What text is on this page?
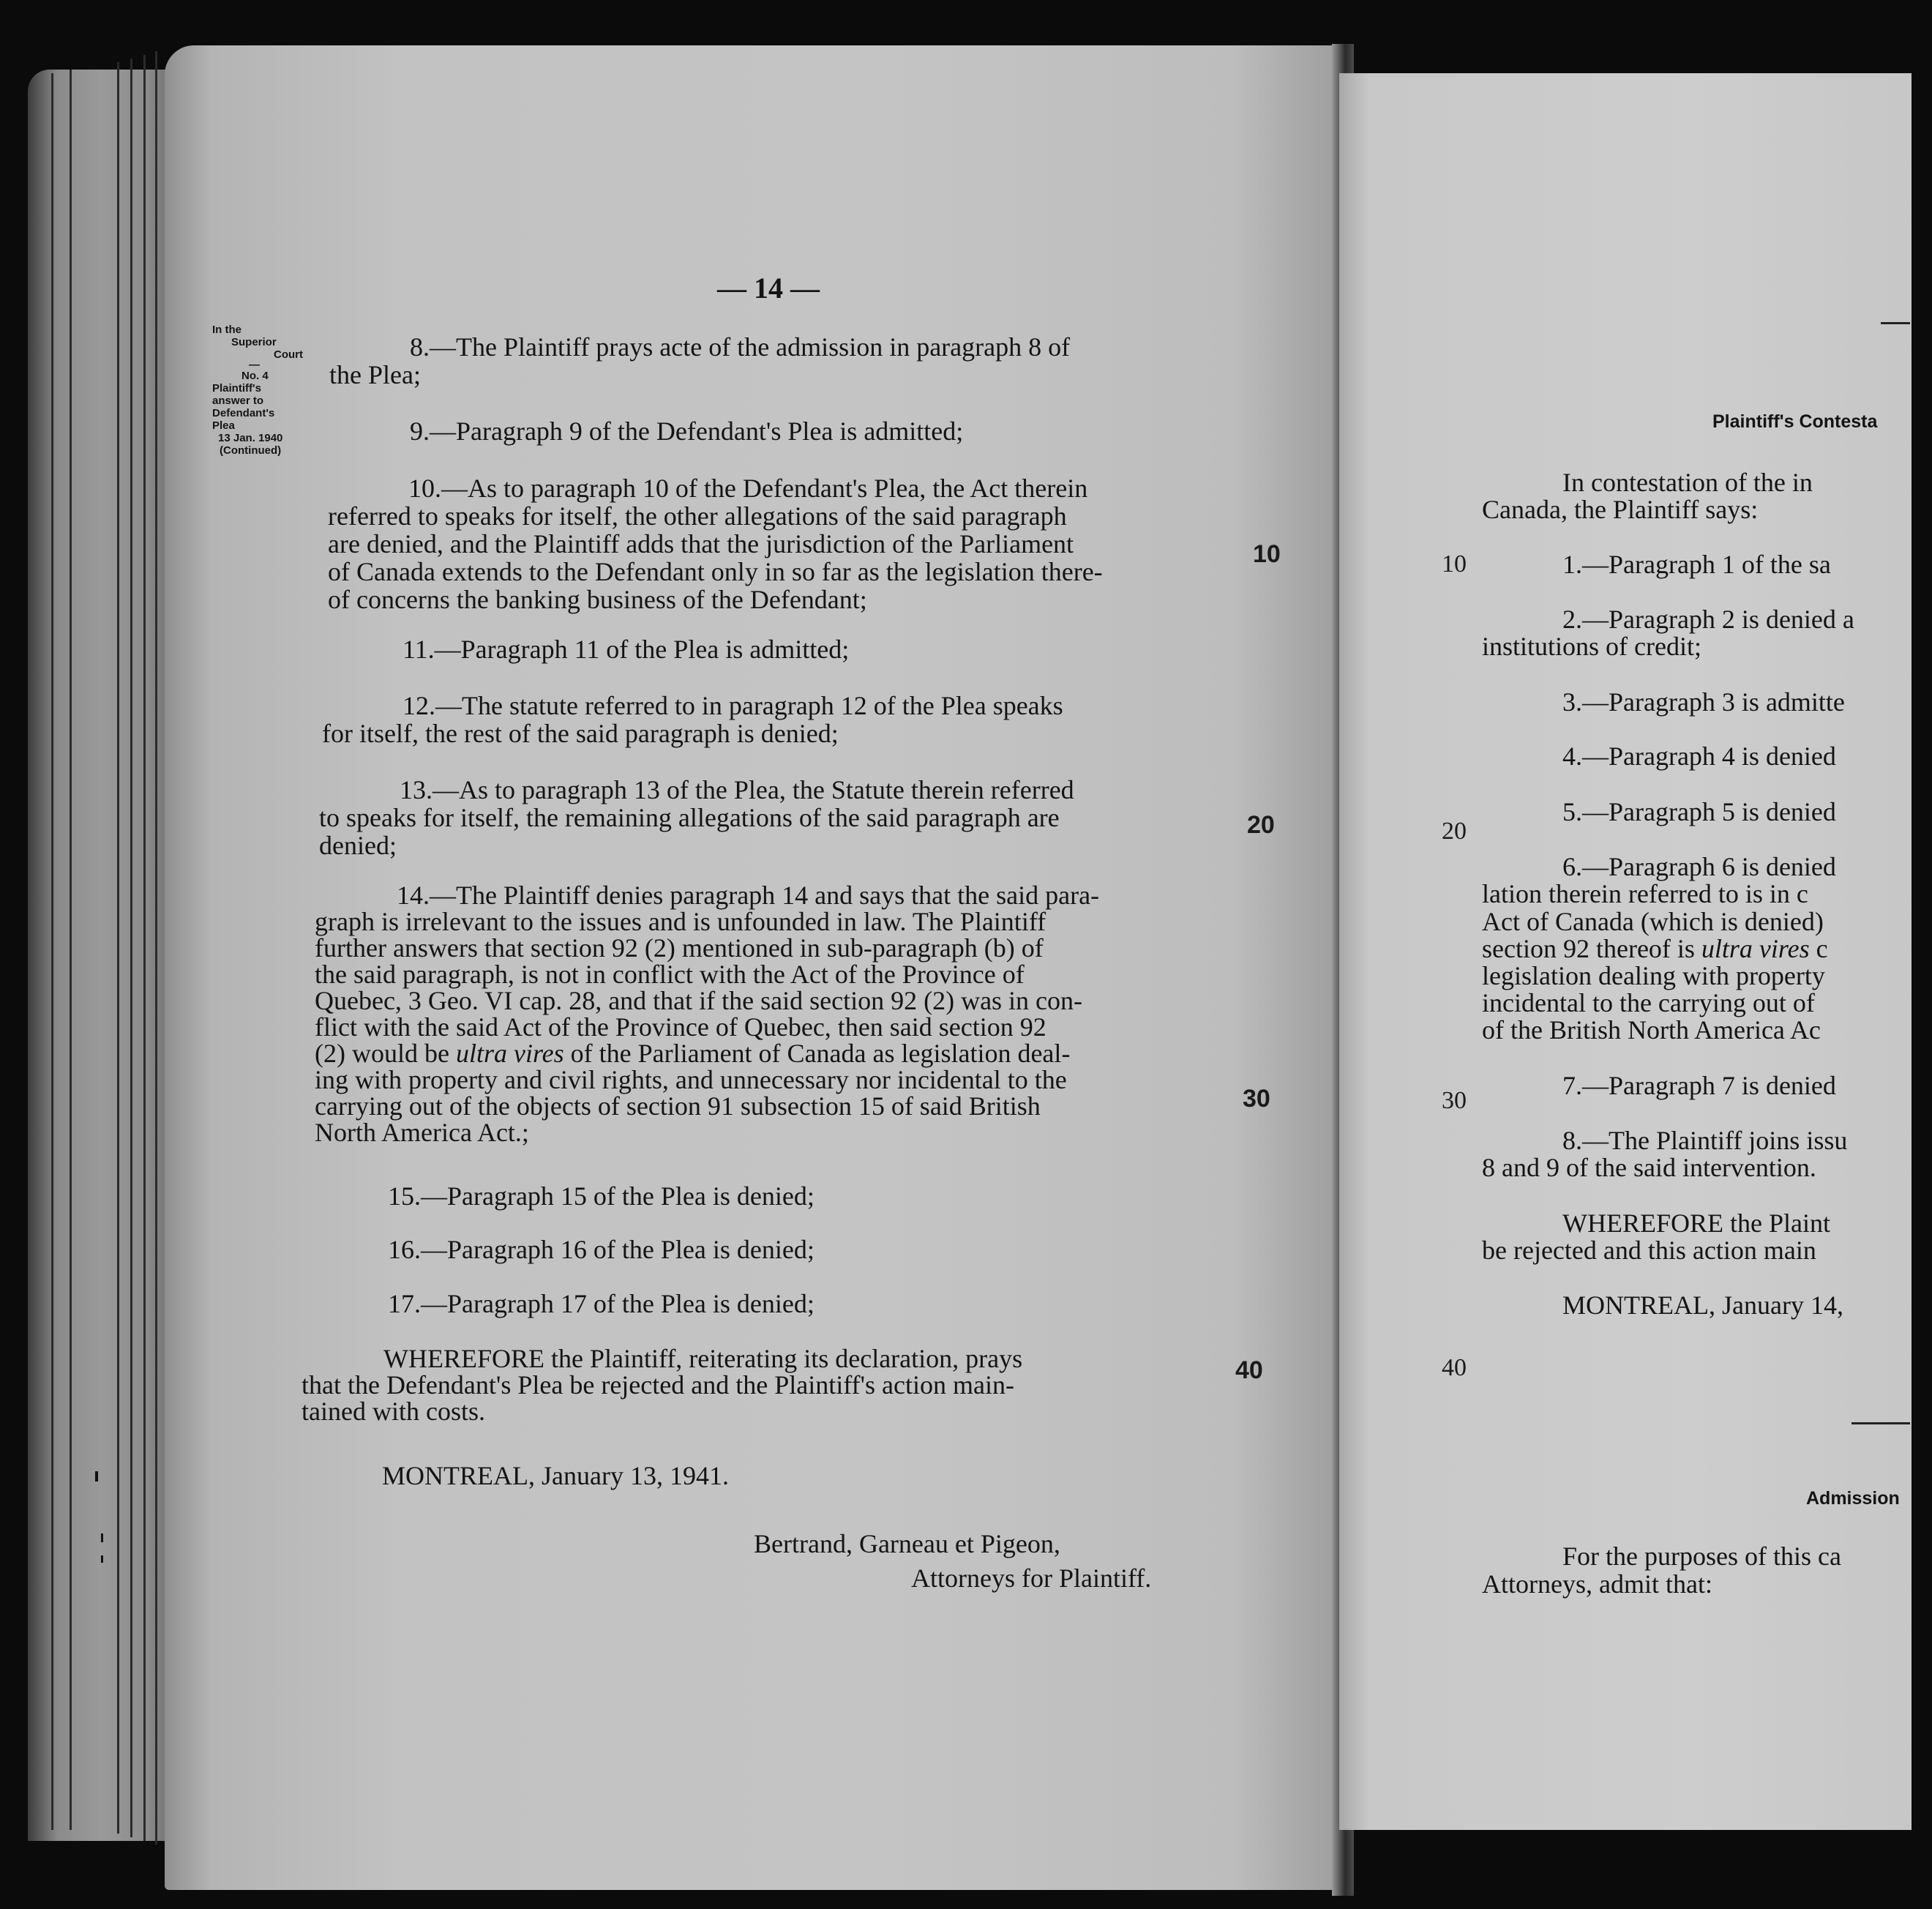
— 14 —
In the
Superior
Court
—
No. 4
Plaintiff's
answer to
Defendant's
Plea
13 Jan. 1940
(Continued)
8.—The Plaintiff prays acte of the admission in paragraph 8 of
the Plea;
9.—Paragraph 9 of the Defendant's Plea is admitted;
10.—As to paragraph 10 of the Defendant's Plea, the Act therein
referred to speaks for itself, the other allegations of the said paragraph
are denied, and the Plaintiff adds that the jurisdiction of the Parliament
of Canada extends to the Defendant only in so far as the legislation there-
of concerns the banking business of the Defendant;
11.—Paragraph 11 of the Plea is admitted;
12.—The statute referred to in paragraph 12 of the Plea speaks
for itself, the rest of the said paragraph is denied;
13.—As to paragraph 13 of the Plea, the Statute therein referred
to speaks for itself, the remaining allegations of the said paragraph are
denied;
14.—The Plaintiff denies paragraph 14 and says that the said para-
graph is irrelevant to the issues and is unfounded in law. The Plaintiff
further answers that section 92 (2) mentioned in sub-paragraph (b) of
the said paragraph, is not in conflict with the Act of the Province of
Quebec, 3 Geo. VI cap. 28, and that if the said section 92 (2) was in con-
flict with the said Act of the Province of Quebec, then said section 92
(2) would be ultra vires of the Parliament of Canada as legislation deal-
ing with property and civil rights, and unnecessary nor incidental to the
carrying out of the objects of section 91 subsection 15 of said British
North America Act.;
15.—Paragraph 15 of the Plea is denied;
16.—Paragraph 16 of the Plea is denied;
17.—Paragraph 17 of the Plea is denied;
WHEREFORE the Plaintiff, reiterating its declaration, prays
that the Defendant's Plea be rejected and the Plaintiff's action main-
tained with costs.
MONTREAL, January 13, 1941.
Bertrand, Garneau et Pigeon,
Attorneys for Plaintiff.
10
20
30
40
Plaintiff's Contesta
In contestation of the in
Canada, the Plaintiff says:
1.—Paragraph 1 of the sa
2.—Paragraph 2 is denied a
institutions of credit;
3.—Paragraph 3 is admitte
4.—Paragraph 4 is denied
5.—Paragraph 5 is denied
6.—Paragraph 6 is denied
lation therein referred to is in c
Act of Canada (which is denied)
section 92 thereof is ultra vires c
legislation dealing with property
incidental to the carrying out of
of the British North America Ac
7.—Paragraph 7 is denied
8.—The Plaintiff joins issu
8 and 9 of the said intervention.
WHEREFORE the Plaint
be rejected and this action main
MONTREAL, January 14,
10
20
30
40
Admission
For the purposes of this ca
Attorneys, admit that:
